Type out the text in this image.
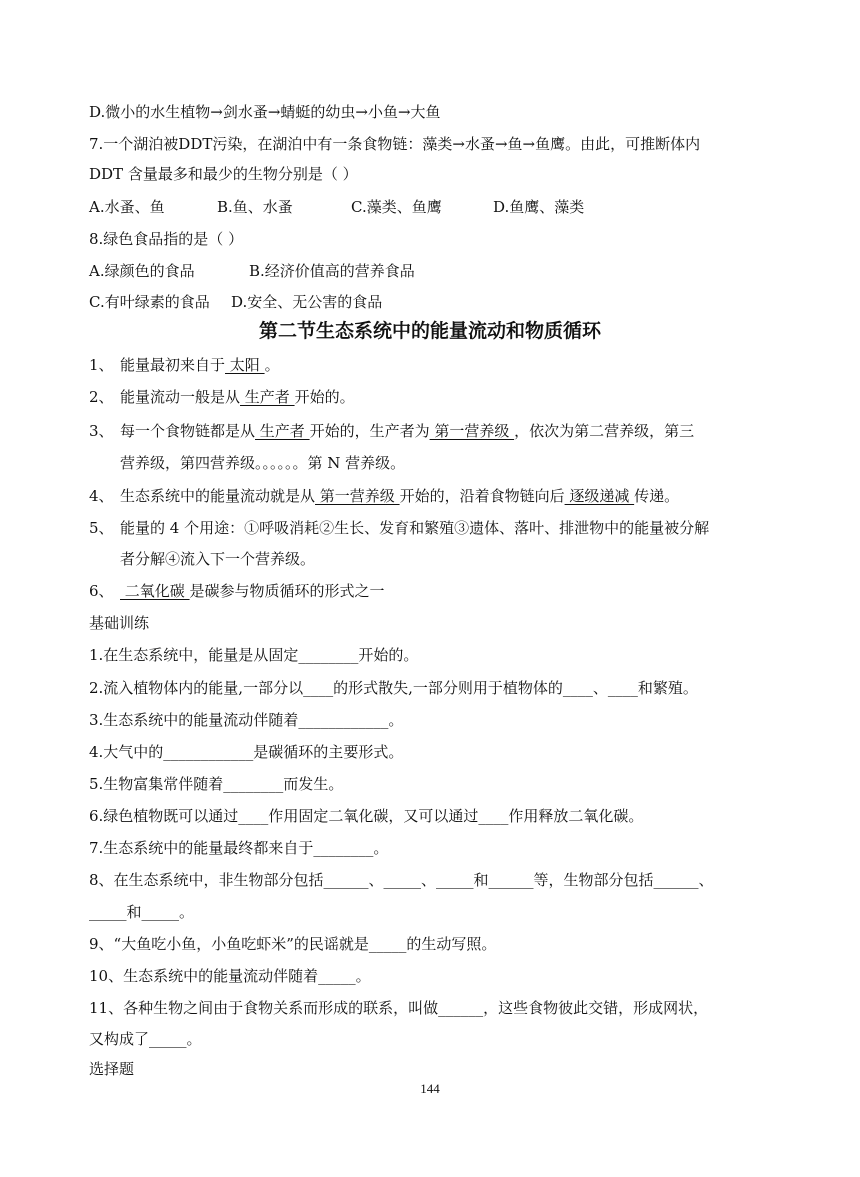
D.微小的水生植物→剑水蚤→蜻蜓的幼虫→小鱼→大鱼
7.一个湖泊被DDT污染，在湖泊中有一条食物链：藻类→水蚤→鱼→鱼鹰。由此，可推断体内
DDT 含量最多和最少的生物分别是（ ）
A.水蚤、鱼	B.鱼、水蚤	C.藻类、鱼鹰	D.鱼鹰、藻类
8.绿色食品指的是（ ）
A.绿颜色的食品	B.经济价值高的营养食品
C.有叶绿素的食品 D.安全、无公害的食品
第二节生态系统中的能量流动和物质循环
1、 能量最初来自于 太阳 。
2、 能量流动一般是从 生产者 开始的。
3、 每一个食物链都是从 生产者 开始的，生产者为 第一营养级 ，依次为第二营养级，第三
营养级，第四营养级。。。。。。第 N 营养级。
4、 生态系统中的能量流动就是从 第一营养级 开始的，沿着食物链向后 逐级递减 传递。
5、 能量的 4 个用途：①呼吸消耗②生长、发育和繁殖③遗体、落叶、排泄物中的能量被分解
者分解④流入下一个营养级。
6、 二氧化碳 是碳参与物质循环的形式之一
基础训练
1.在生态系统中，能量是从固定________开始的。
2.流入植物体内的能量,一部分以____的形式散失,一部分则用于植物体的____、____和繁殖。
3.生态系统中的能量流动伴随着____________。
4.大气中的____________是碳循环的主要形式。
5.生物富集常伴随着________而发生。
6.绿色植物既可以通过____作用固定二氧化碳，又可以通过____作用释放二氧化碳。
7.生态系统中的能量最终都来自于________。
8、在生态系统中，非生物部分包括______、_____、_____和______等，生物部分包括______、
_____和_____。
9、“大鱼吃小鱼，小鱼吃虾米”的民谣就是_____的生动写照。
10、生态系统中的能量流动伴随着_____。
11、各种生物之间由于食物关系而形成的联系，叫做______，这些食物彼此交错，形成网状，
又构成了_____。
选择题
144
